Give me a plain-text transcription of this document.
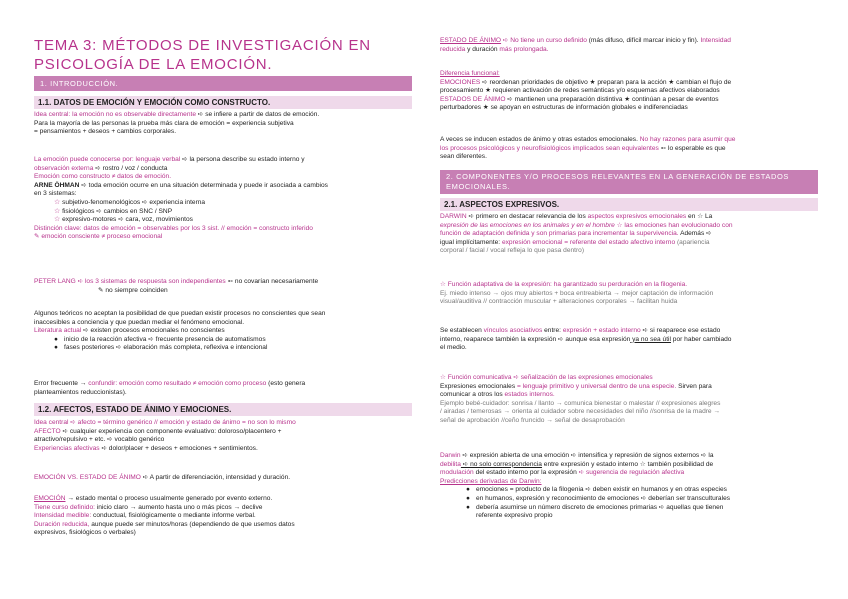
TEMA 3: MÉTODOS DE INVESTIGACIÓN EN PSICOLOGÍA DE LA EMOCIÓN.
1. INTRODUCCIÓN.
1.1. DATOS DE EMOCIÓN Y EMOCIÓN COMO CONSTRUCTO.
Idea central: la emoción no es observable directamente ➪ se infiere a partir de datos de emoción.
Para la mayoría de las personas la prueba más clara de emoción = experiencia subjetiva
= pensamientos + deseos + cambios corporales.
La emoción puede conocerse por: lenguaje verbal ➪ la persona describe su estado interno y
observación externa ➪ rostro / voz / conducta
Emoción como constructo ≠ datos de emoción.
ARNE ÖHMAN ➪ toda emoción ocurre en una situación determinada y puede ir asociada a cambios
en 3 sistemas:
☆ subjetivo-fenomenológicos ➪ experiencia interna
☆ fisiológicos ➪ cambios en SNC / SNP
☆ expresivo-motores ➪ cara, voz, movimientos
Distinción clave: datos de emoción = observables por los 3 sist. // emoción = constructo inferido
✎ emoción consciente ≠ proceso emocional
PETER LANG ➪ los 3 sistemas de respuesta son independientes ➳ no covarían necesariamente
✎ no siempre coinciden
Algunos teóricos no aceptan la posibilidad de que puedan existir procesos no conscientes que sean
inaccesibles a conciencia y que puedan mediar el fenómeno emocional.
Literatura actual ➪ existen procesos emocionales no conscientes
● inicio de la reacción afectiva ➪ frecuente presencia de automatismos
● fases posteriores ➪ elaboración más completa, reflexiva e intencional
Error frecuente → confundir: emoción como resultado ≠ emoción como proceso (esto genera
planteamientos reduccionistas).
1.2. AFECTOS, ESTADO DE ÁNIMO Y EMOCIONES.
Idea central ➪ afecto = término genérico // emoción y estado de ánimo = no son lo mismo
AFECTO ➪ cualquier experiencia con componente evaluativo: doloroso/placentero +
atractivo/repulsivo + etc. ➪ vocablo genérico
Experiencias afectivas ➪ dolor/placer + deseos + emociones + sentimientos.
EMOCIÓN VS. ESTADO DE ÁNIMO ➪ A partir de diferenciación, intensidad y duración.
EMOCIÓN → estado mental o proceso usualmente generado por evento externo.
Tiene curso definido: inicio claro → aumento hasta uno o más picos → declive
Intensidad medible: conductual, fisiológicamente o mediante informe verbal.
Duración reducida, aunque puede ser minutos/horas (dependiendo de que usemos datos
expresivos, fisiológicos o verbales)
ESTADO DE ÁNIMO ➪ No tiene un curso definido (más difuso, difícil marcar inicio y fin). Intensidad
reducida y duración más prolongada.
Diferencia funcional:
EMOCIONES ➪ reordenan prioridades de objetivo ★ preparan para la acción ★ cambian el flujo de
procesamiento ★ requieren activación de redes semánticas y/o esquemas afectivos elaborados
ESTADOS DE ÁNIMO ➪ mantienen una preparación distintiva ★ continúan a pesar de eventos
perturbadores ★ se apoyan en estructuras de información globales e indiferenciadas
A veces se inducen estados de ánimo y otras estados emocionales. No hay razones para asumir que
los procesos psicológicos y neurofisiológicos implicados sean equivalentes ➳ lo esperable es que
sean diferentes.
2. COMPONENTES Y/O PROCESOS RELEVANTES EN LA GENERACIÓN DE ESTADOS EMOCIONALES.
2.1. ASPECTOS EXPRESIVOS.
DARWIN ➪ primero en destacar relevancia de los aspectos expresivos emocionales en ☆ La
expresión de las emociones en los animales y en el hombre ☆ las emociones han evolucionado con
función de adaptación definida y son primarias para incrementar la supervivencia. Además ➪
igual implícitamente: expresión emocional = referente del estado afectivo interno (apariencia
corporal / facial / vocal refleja lo que pasa dentro)
☆ Función adaptativa de la expresión: ha garantizado su perduración en la filogenia.
Ej. miedo intenso → ojos muy abiertos + boca entreabierta → mejor captación de información
visual/auditiva // contracción muscular + alteraciones corporales → facilitan huida
Se establecen vínculos asociativos entre: expresión + estado interno ➪ si reaparece ese estado
interno, reaparece también la expresión ➪ aunque esa expresión ya no sea útil por haber cambiado
el medio.
☆ Función comunicativa ➪ señalización de las expresiones emocionales
Expresiones emocionales = lenguaje primitivo y universal dentro de una especie. Sirven para
comunicar a otros los estados internos.
Ejemplo bebé-cuidador: sonrisa / llanto → comunica bienestar o malestar // expresiones alegres
/ airadas / temerosas → orienta al cuidador sobre necesidades del niño //sonrisa de la madre →
señal de aprobación //ceño fruncido → señal de desaprobación
Darwin ➪ expresión abierta de una emoción ➪ intensifica y represión de signos externos ➪ la
debilita ➪ no solo correspondencia entre expresión y estado interno ☆ también posibilidad de
modulación del estado interno por la expresión ➪ sugerencia de regulación afectiva
Predicciones derivadas de Darwin:
● emociones = producto de la filogenia ➪ deben existir en humanos y en otras especies
● en humanos, expresión y reconocimiento de emociones ➪ deberían ser transculturales
● debería asumirse un número discreto de emociones primarias ➪ aquellas que tienen
referente expresivo propio
